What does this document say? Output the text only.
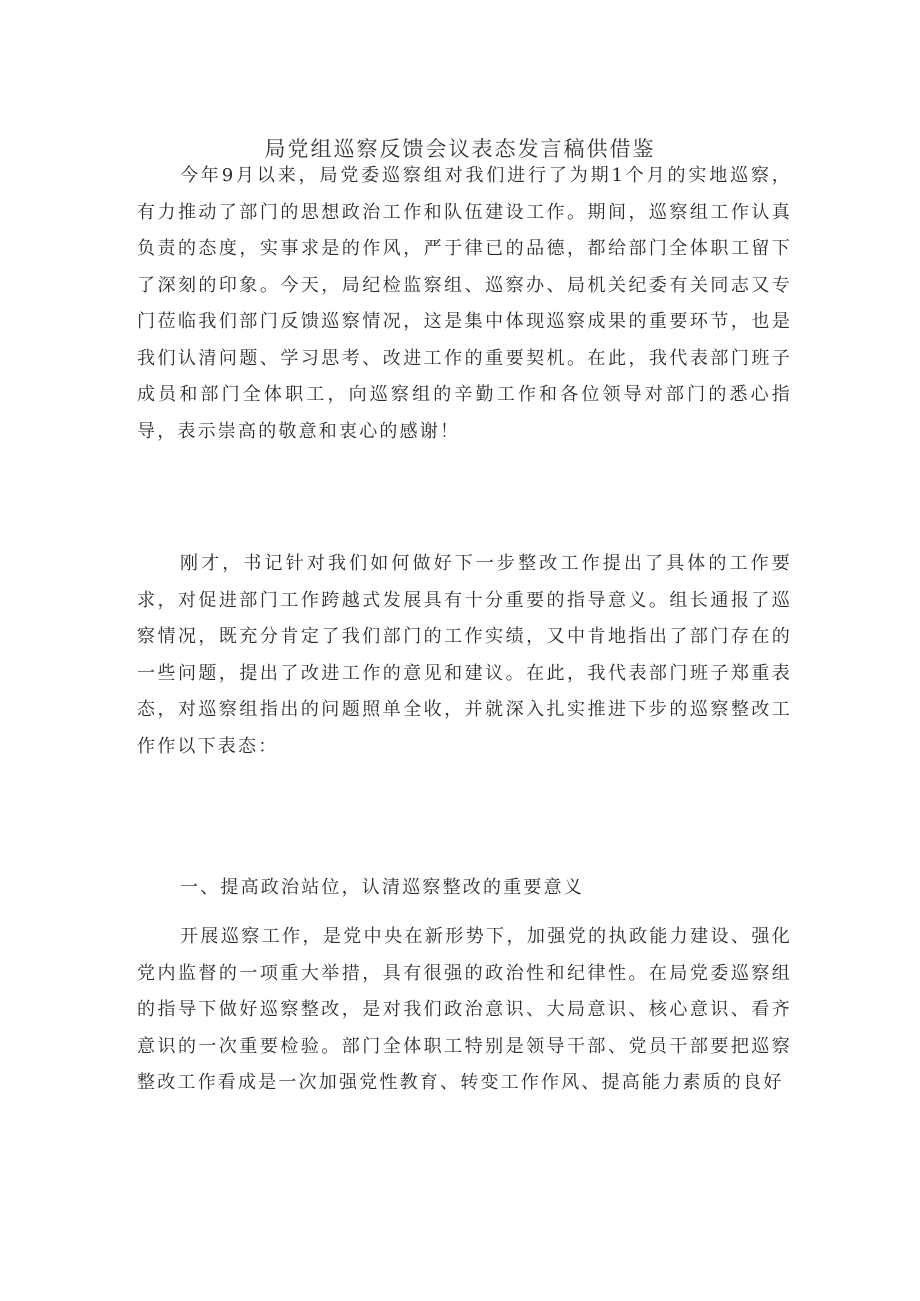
局党组巡察反馈会议表态发言稿供借鉴

今年9月以来，局党委巡察组对我们进行了为期1个月的实地巡察，有力推动了部门的思想政治工作和队伍建设工作。期间，巡察组工作认真负责的态度，实事求是的作风，严于律已的品德，都给部门全体职工留下了深刻的印象。今天，局纪检监察组、巡察办、局机关纪委有关同志又专门莅临我们部门反馈巡察情况，这是集中体现巡察成果的重要环节，也是我们认清问题、学习思考、改进工作的重要契机。在此，我代表部门班子成员和部门全体职工，向巡察组的辛勤工作和各位领导对部门的悉心指导，表示崇高的敬意和衷心的感谢！

刚才，书记针对我们如何做好下一步整改工作提出了具体的工作要求，对促进部门工作跨越式发展具有十分重要的指导意义。组长通报了巡察情况，既充分肯定了我们部门的工作实绩，又中肯地指出了部门存在的一些问题，提出了改进工作的意见和建议。在此，我代表部门班子郑重表态，对巡察组指出的问题照单全收，并就深入扎实推进下步的巡察整改工作作以下表态：

一、提高政治站位，认清巡察整改的重要意义

开展巡察工作，是党中央在新形势下，加强党的执政能力建设、强化党内监督的一项重大举措，具有很强的政治性和纪律性。在局党委巡察组的指导下做好巡察整改，是对我们政治意识、大局意识、核心意识、看齐意识的一次重要检验。部门全体职工特别是领导干部、党员干部要把巡察整改工作看成是一次加强党性教育、转变工作作风、提高能力素质的良好
